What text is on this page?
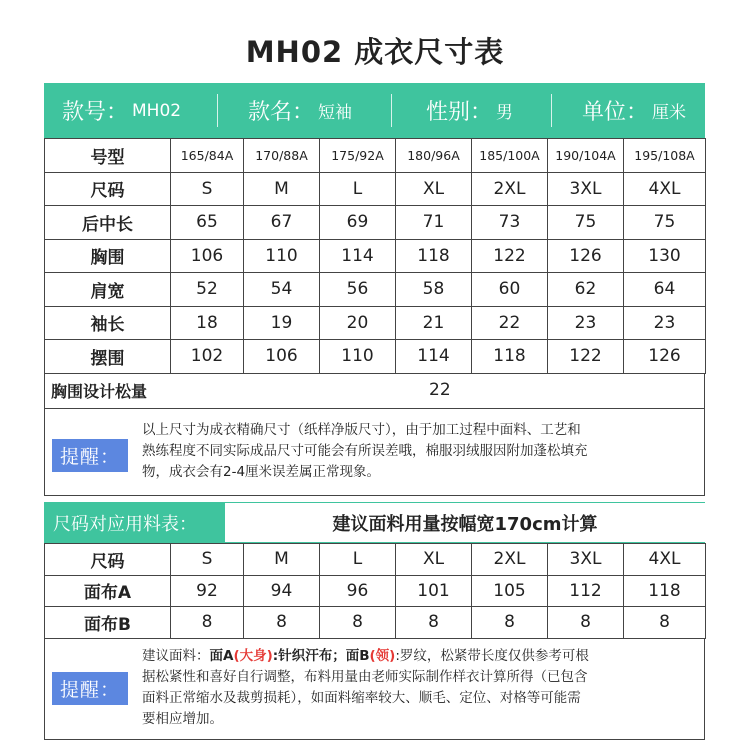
MH02 成衣尺寸表
款号： MH02	款名： 短袖	性别： 男	单位： 厘米
号型	165/84A	170/88A	175/92A	180/96A	185/100A	190/104A	195/108A
尺码	S	M	L	XL	2XL	3XL	4XL
后中长	65	67	69	71	73	75	75
胸围	106	110	114	118	122	126	130
肩宽	52	54	56	58	60	62	64
袖长	18	19	20	21	22	23	23
摆围	102	106	110	114	118	122	126
胸围设计松量	22
提醒：
以上尺寸为成衣精确尺寸（纸样净版尺寸），由于加工过程中面料、工艺和
熟练程度不同实际成品尺寸可能会有所误差哦，棉服羽绒服因附加蓬松填充
物，成衣会有2-4厘米误差属正常现象。
尺码对应用料表：	建议面料用量按幅宽170cm计算
尺码	S	M	L	XL	2XL	3XL	4XL
面布A	92	94	96	101	105	112	118
面布B	8	8	8	8	8	8	8
提醒：
建议面料：面A(大身):针织汗布；面B(领):罗纹，松紧带长度仅供参考可根
据松紧性和喜好自行调整，布料用量由老师实际制作样衣计算所得（已包含
面料正常缩水及裁剪损耗），如面料缩率较大、顺毛、定位、对格等可能需
要相应增加。
